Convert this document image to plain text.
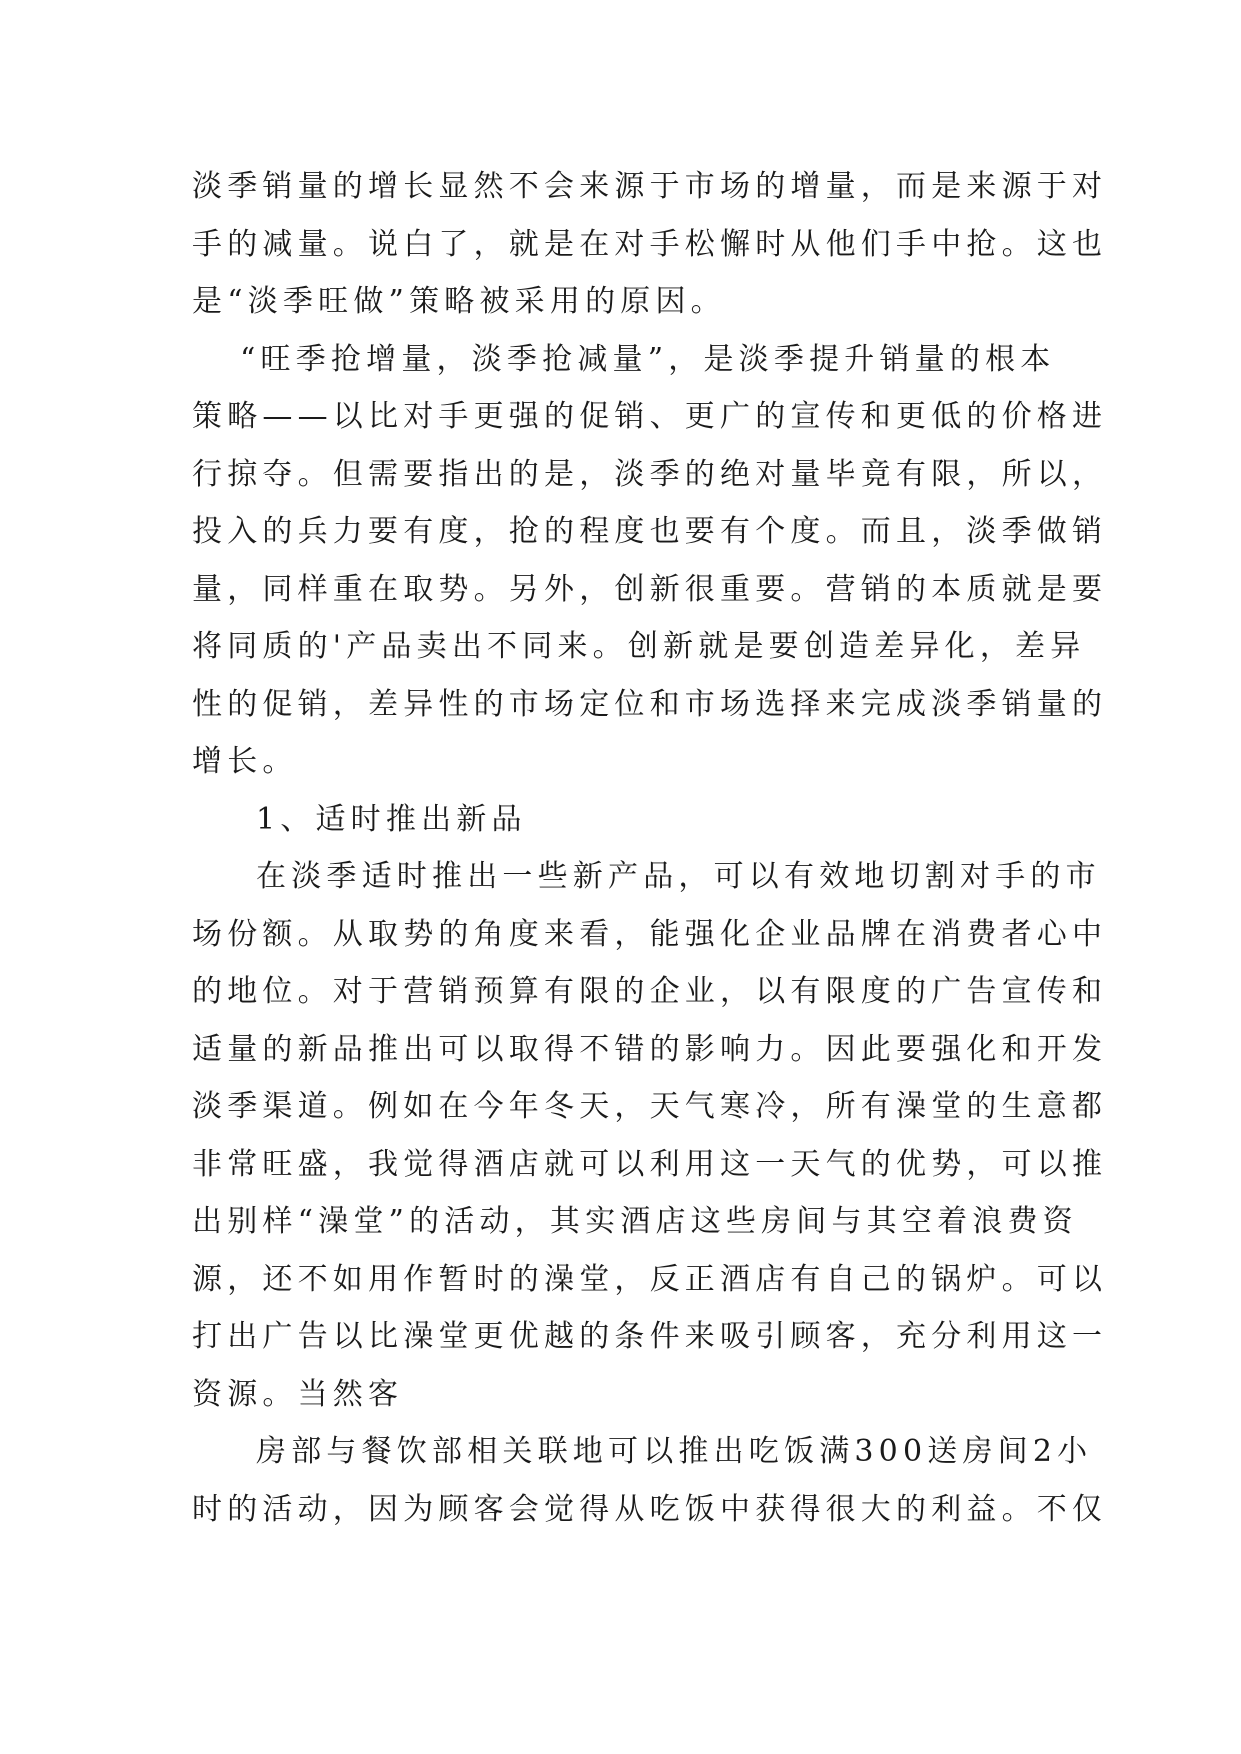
淡季销量的增长显然不会来源于市场的增量，而是来源于对
手的减量。说白了，就是在对手松懈时从他们手中抢。这也
是“淡季旺做”策略被采用的原因。
“旺季抢增量，淡季抢减量”，是淡季提升销量的根本
策略——以比对手更强的促销、更广的宣传和更低的价格进
行掠夺。但需要指出的是，淡季的绝对量毕竟有限，所以，
投入的兵力要有度，抢的程度也要有个度。而且，淡季做销
量，同样重在取势。另外，创新很重要。营销的本质就是要
将同质的'产品卖出不同来。创新就是要创造差异化，差异
性的促销，差异性的市场定位和市场选择来完成淡季销量的
增长。
1、适时推出新品
在淡季适时推出一些新产品，可以有效地切割对手的市
场份额。从取势的角度来看，能强化企业品牌在消费者心中
的地位。对于营销预算有限的企业，以有限度的广告宣传和
适量的新品推出可以取得不错的影响力。因此要强化和开发
淡季渠道。例如在今年冬天，天气寒冷，所有澡堂的生意都
非常旺盛，我觉得酒店就可以利用这一天气的优势，可以推
出别样“澡堂”的活动，其实酒店这些房间与其空着浪费资
源，还不如用作暂时的澡堂，反正酒店有自己的锅炉。可以
打出广告以比澡堂更优越的条件来吸引顾客，充分利用这一
资源。当然客
房部与餐饮部相关联地可以推出吃饭满300送房间2小
时的活动，因为顾客会觉得从吃饭中获得很大的利益。不仅
